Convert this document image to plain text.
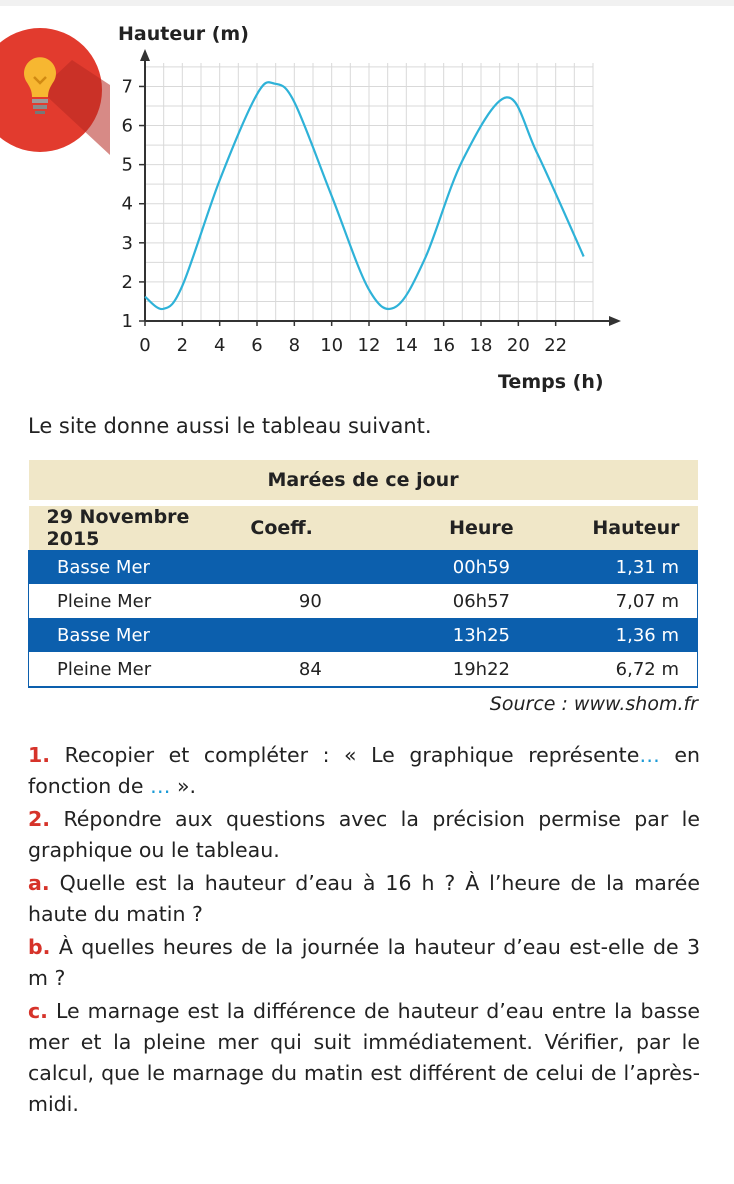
0 2 4 6 8 10 12 14 16 18 20 22
1
2
3
4
5
6
7
Hauteur (m)
Temps (h)
Le site donne aussi le tableau suivant.
Marées de ce jour			

29 Novembre 2015	Coeff.	Heure	Hauteur
Basse Mer		00h59	1,31 m
Pleine Mer	90	06h57	7,07 m
Basse Mer		13h25	1,36 m
Pleine Mer	84	19h22	6,72 m
Source : www.shom.fr

1. Recopier et compléter : « Le graphique représente… en fonction de … ».

2. Répondre aux questions avec la précision permise par le graphique ou le tableau.

a. Quelle est la hauteur d’eau à 16 h ? À l’heure de la marée haute du matin ?

b. À quelles heures de la journée la hauteur d’eau est-elle de 3 m ?

c. Le marnage est la différence de hauteur d’eau entre la basse mer et la pleine mer qui suit immédiatement. Vérifier, par le calcul, que le marnage du matin est différent de celui de l’après-midi.
